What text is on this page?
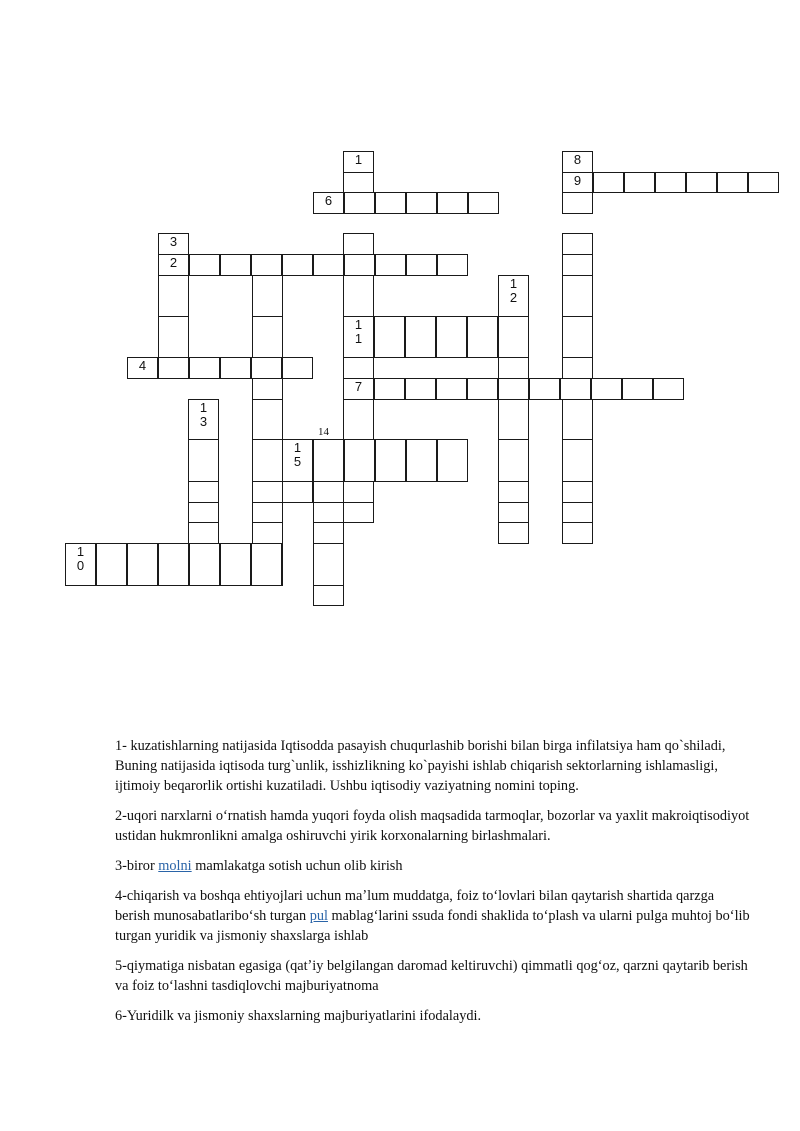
1	8
3
1
2
1
3
1
5
9
6
2
1
1
4
7
1
0
14

1- kuzatishlarning natijasida Iqtisodda pasayish chuqurlashib borishi bilan birga infilatsiya ham qo`shiladi, Buning natijasida iqtisoda turg`unlik, isshizlikning ko`payishi ishlab chiqarish sektorlarning ishlamasligi, ijtimoiy beqarorlik ortishi kuzatiladi. Ushbu iqtisodiy vaziyatning nomini toping.

2-uqori narxlarni oʻrnatish hamda yuqori foyda olish maqsadida tarmoqlar, bozorlar va yaxlit makroiqtisodiyot ustidan hukmronlikni amalga oshiruvchi yirik korxonalarning birlashmalari.

3-biror molni mamlakatga sotish uchun olib kirish

4-chiqarish va boshqa ehtiyojlari uchun maʼlum muddatga, foiz toʻlovlari bilan qaytarish shartida qarzga berish munosabatlariboʻsh turgan pul mablagʻlarini ssuda fondi shaklida toʻplash va ularni pulga muhtoj boʻlib turgan yuridik va jismoniy shaxslarga ishlab

5-qiymatiga nisbatan egasiga (qatʼiy belgilangan daromad keltiruvchi) qimmatli qogʻoz, qarzni qaytarib berish va foiz toʻlashni tasdiqlovchi majburiyatnoma

6-Yuridilk va jismoniy shaxslarning majburiyatlarini ifodalaydi.
